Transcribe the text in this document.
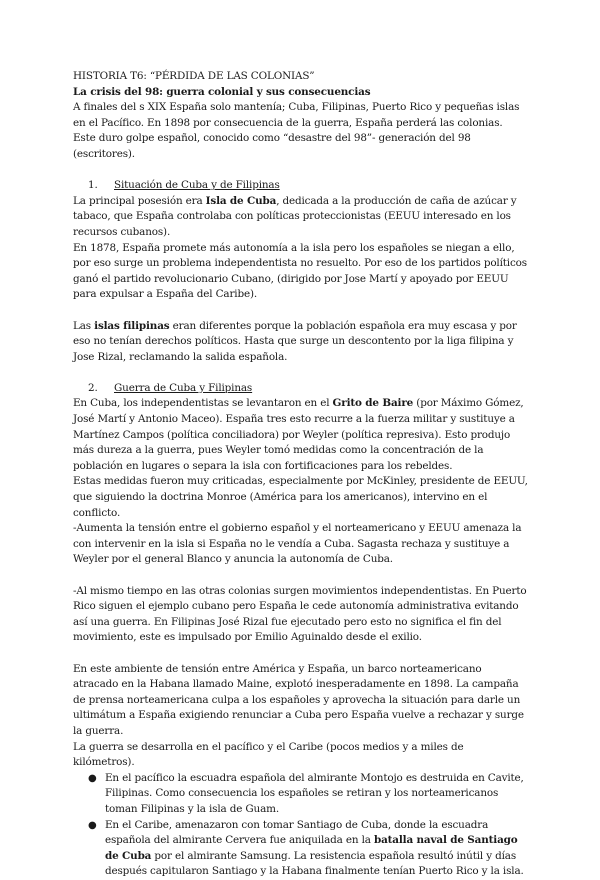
HISTORIA T6: “PÉRDIDA DE LAS COLONIAS”

La crisis del 98: guerra colonial y sus consecuencias

A finales del s XIX España solo mantenía; Cuba, Filipinas, Puerto Rico y pequeñas islas en el Pacífico. En 1898 por consecuencia de la guerra, España perderá las colonias. Este duro golpe español, conocido como “desastre del 98”- generación del 98 (escritores).

1. Situación de Cuba y de Filipinas

La principal posesión era Isla de Cuba, dedicada a la producción de caña de azúcar y tabaco, que España controlaba con políticas proteccionistas (EEUU interesado en los recursos cubanos).

En 1878, España promete más autonomía a la isla pero los españoles se niegan a ello, por eso surge un problema independentista no resuelto. Por eso de los partidos políticos ganó el partido revolucionario Cubano, (dirigido por Jose Martí y apoyado por EEUU para expulsar a España del Caribe).

Las islas filipinas eran diferentes porque la población española era muy escasa y por eso no tenían derechos políticos. Hasta que surge un descontento por la liga filipina y Jose Rizal, reclamando la salida española.

2. Guerra de Cuba y Filipinas

En Cuba, los independentistas se levantaron en el Grito de Baire (por Máximo Gómez, José Martí y Antonio Maceo). España tres esto recurre a la fuerza militar y sustituye a Martínez Campos (política conciliadora) por Weyler (política represiva). Esto produjo más dureza a la guerra, pues Weyler tomó medidas como la concentración de la población en lugares o separa la isla con fortificaciones para los rebeldes.

Estas medidas fueron muy criticadas, especialmente por McKinley, presidente de EEUU, que siguiendo la doctrina Monroe (América para los americanos), intervino en el conflicto.

-Aumenta la tensión entre el gobierno español y el norteamericano y EEUU amenaza la con intervenir en la isla si España no le vendía a Cuba. Sagasta rechaza y sustituye a Weyler por el general Blanco y anuncia la autonomía de Cuba.

-Al mismo tiempo en las otras colonias surgen movimientos independentistas. En Puerto Rico siguen el ejemplo cubano pero España le cede autonomía administrativa evitando así una guerra. En Filipinas José Rizal fue ejecutado pero esto no significa el fin del movimiento, este es impulsado por Emilio Aguinaldo desde el exilio.

En este ambiente de tensión entre América y España, un barco norteamericano atracado en la Habana llamado Maine, explotó inesperadamente en 1898. La campaña de prensa norteamericana culpa a los españoles y aprovecha la situación para darle un ultimátum a España exigiendo renunciar a Cuba pero España vuelve a rechazar y surge la guerra.

La guerra se desarrolla en el pacífico y el Caribe (pocos medios y a miles de kilómetros).

● En el pacífico la escuadra española del almirante Montojo es destruida en Cavite, Filipinas. Como consecuencia los españoles se retiran y los norteamericanos toman Filipinas y la isla de Guam.
● En el Caribe, amenazaron con tomar Santiago de Cuba, donde la escuadra española del almirante Cervera fue aniquilada en la batalla naval de Santiago de Cuba por el almirante Samsung. La resistencia española resultó inútil y días después capitularon Santiago y la Habana finalmente tenían Puerto Rico y la isla.
